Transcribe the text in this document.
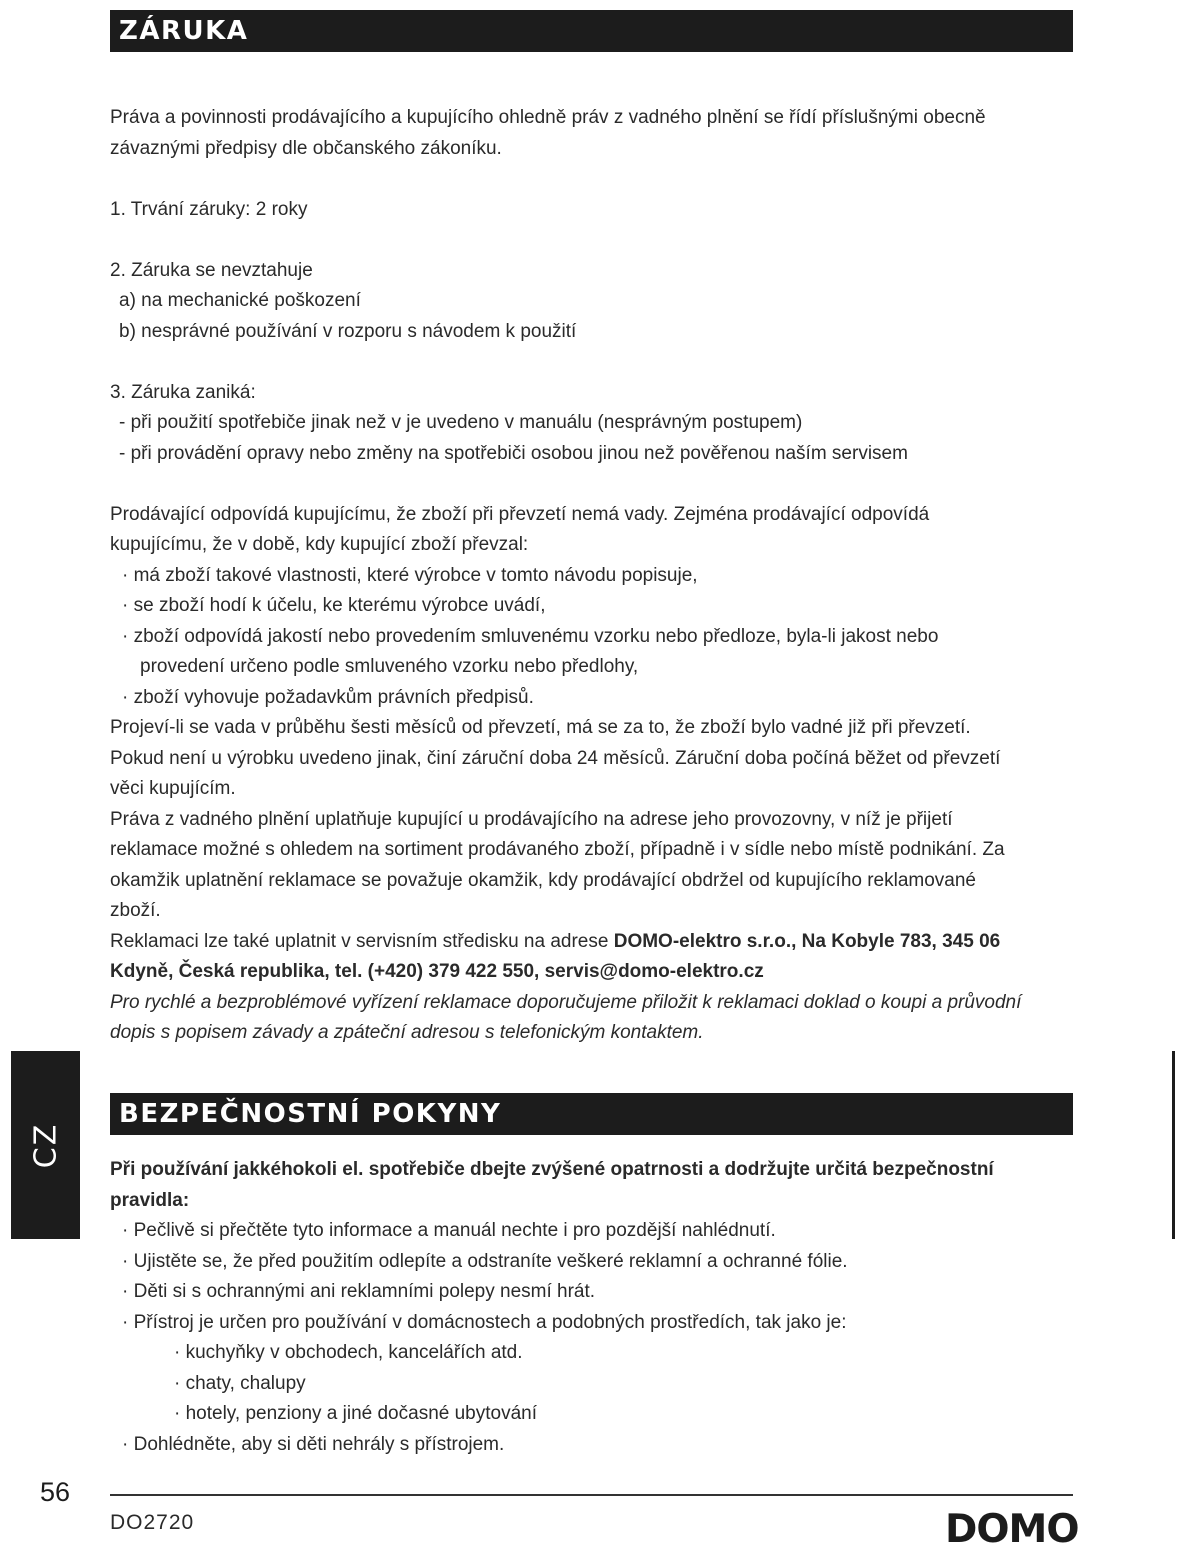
ZÁRUKA

Práva a povinnosti prodávajícího a kupujícího ohledně práv z vadného plnění se řídí příslušnými obecně

závaznými předpisy dle občanského zákoníku.

1. Trvání záruky: 2 roky

2. Záruka se nevztahuje

a) na mechanické poškození

b) nesprávné používání v rozporu s návodem k použití

3. Záruka zaniká:

- při použití spotřebiče jinak než v je uvedeno v manuálu (nesprávným postupem)

- při provádění opravy nebo změny na spotřebiči osobou jinou než pověřenou naším servisem

Prodávající odpovídá kupujícímu, že zboží při převzetí nemá vady. Zejména prodávající odpovídá

kupujícímu, že v době, kdy kupující zboží převzal:

· má zboží takové vlastnosti, které výrobce v tomto návodu popisuje,

· se zboží hodí k účelu, ke kterému výrobce uvádí,

· zboží odpovídá jakostí nebo provedením smluvenému vzorku nebo předloze, byla-li jakost nebo

provedení určeno podle smluveného vzorku nebo předlohy,

· zboží vyhovuje požadavkům právních předpisů.

Projeví-li se vada v průběhu šesti měsíců od převzetí, má se za to, že zboží bylo vadné již při převzetí.

Pokud není u výrobku uvedeno jinak, činí záruční doba 24 měsíců. Záruční doba počíná běžet od převzetí

věci kupujícím.

Práva z vadného plnění uplatňuje kupující u prodávajícího na adrese jeho provozovny, v níž je přijetí

reklamace možné s ohledem na sortiment prodávaného zboží, případně i v sídle nebo místě podnikání. Za

okamžik uplatnění reklamace se považuje okamžik, kdy prodávající obdržel od kupujícího reklamované

zboží.

Reklamaci lze také uplatnit v servisním středisku na adrese DOMO-elektro s.r.o., Na Kobyle 783, 345 06

Kdyně, Česká republika, tel. (+420) 379 422 550, servis@domo-elektro.cz

Pro rychlé a bezproblémové vyřízení reklamace doporučujeme přiložit k reklamaci doklad o koupi a průvodní

dopis s popisem závady a zpáteční adresou s telefonickým kontaktem.

BEZPEČNOSTNÍ POKYNY

Při používání jakkéhokoli el. spotřebiče dbejte zvýšené opatrnosti a dodržujte určitá bezpečnostní

pravidla:

· Pečlivě si přečtěte tyto informace a manuál nechte i pro pozdější nahlédnutí.

· Ujistěte se, že před použitím odlepíte a odstraníte veškeré reklamní a ochranné fólie.

· Děti si s ochrannými ani reklamními polepy nesmí hrát.

· Přístroj je určen pro používání v domácnostech a podobných prostředích, tak jako je:

· kuchyňky v obchodech, kancelářích atd.

· chaty, chalupy

· hotely, penziony a jiné dočasné ubytování

· Dohlédněte, aby si děti nehrály s přístrojem.

CZ
56
DO2720	DOMO
